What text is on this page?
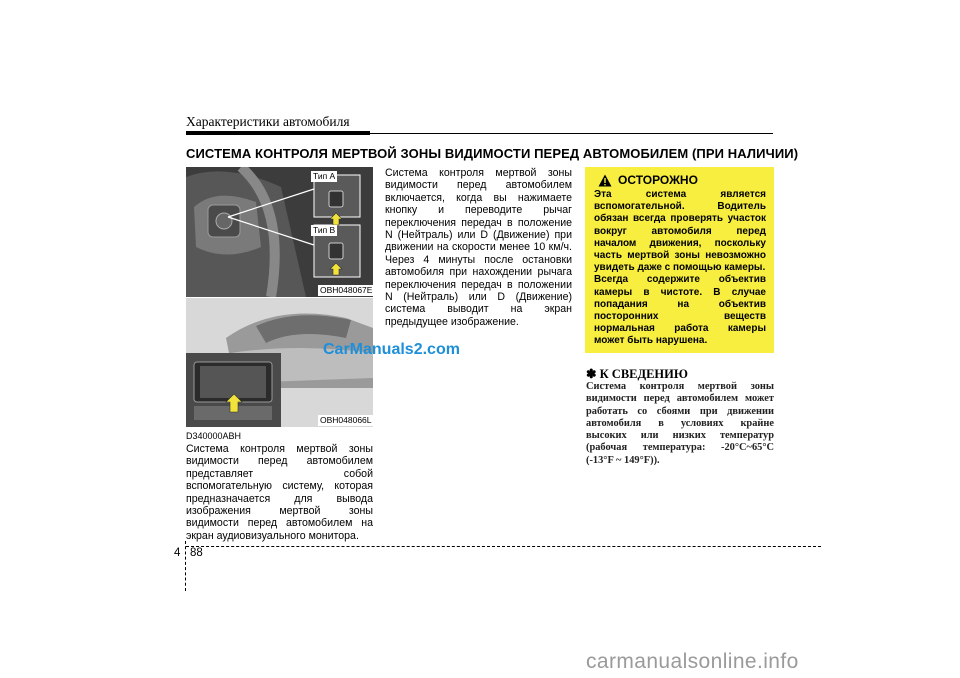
Характеристики автомобиля
СИСТЕМА КОНТРОЛЯ МЕРТВОЙ ЗОНЫ ВИДИМОСТИ ПЕРЕД АВТОМОБИЛЕМ (ПРИ НАЛИЧИИ)
Тип A
Тип B
OBH048067E
OBH048066L
CarManuals2.com
D340000ABH
Система контроля мертвой зоны видимости перед автомобилем представляет собой вспомогательную систему, которая предназначается для вывода изображения мертвой зоны видимости перед автомобилем на экран аудиовизуального монитора.
Система контроля мертвой зоны видимости перед автомобилем включается, когда вы нажимаете кнопку и переводите рычаг переключения передач в положение N (Нейтраль) или D (Движение) при движении на скорости менее 10 км/ч. Через 4 минуты после остановки автомобиля при нахождении рычага переключения передач в положении N (Нейтраль) или D (Движение) система выводит на экран предыдущее изображение.
ОСТОРОЖНО
Эта система является вспомогательной. Водитель обязан всегда проверять участок вокруг автомобиля перед началом движения, поскольку часть мертвой зоны невозможно увидеть даже с помощью камеры.
Всегда содержите объектив камеры в чистоте. В случае попадания на объектив посторонних веществ нормальная работа камеры может быть нарушена.
✽ К СВЕДЕНИЮ
Система контроля мертвой зоны видимости перед автомобилем может работать со сбоями при движении автомобиля в условиях крайне высоких или низких температур (рабочая температура: -20°C~65°C (-13°F ~ 149°F)).
4 88
carmanualsonline.info
